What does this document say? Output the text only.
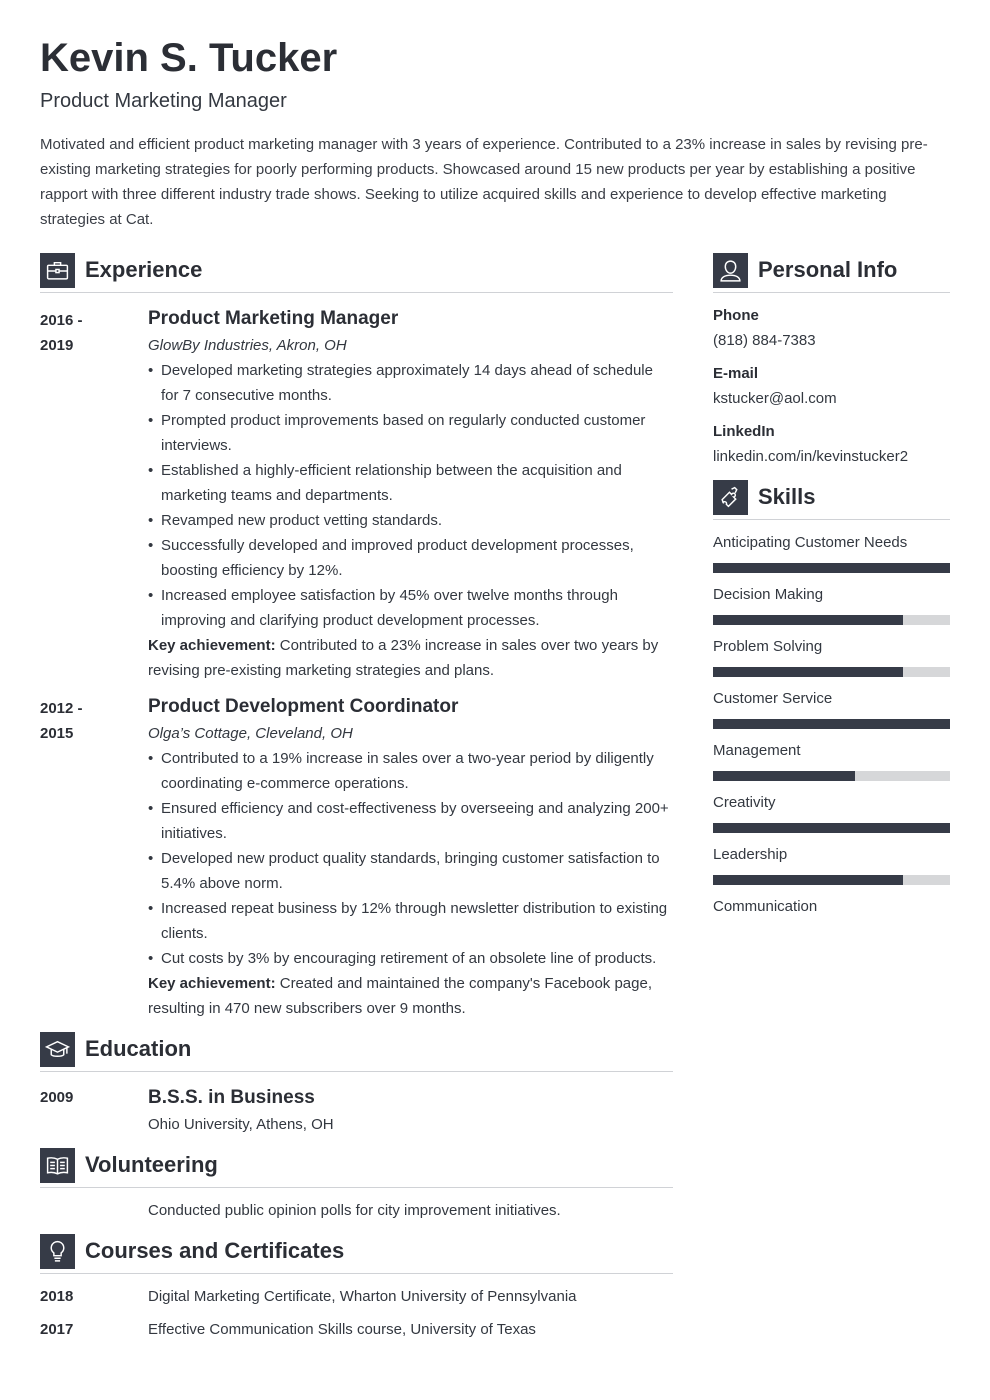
Kevin S. Tucker
Product Marketing Manager

Motivated and efficient product marketing manager with 3 years of experience. Contributed to a 23% increase in sales by revising pre-existing marketing strategies for poorly performing products. Showcased around 15 new products per year by establishing a positive rapport with three different industry trade shows. Seeking to utilize acquired skills and experience to develop effective marketing strategies at Cat.

Experience
2016 -
2019
Product Marketing Manager
GlowBy Industries, Akron, OH
• Developed marketing strategies approximately 14 days ahead of schedule for 7 consecutive months.
• Prompted product improvements based on regularly conducted customer interviews.
• Established a highly-efficient relationship between the acquisition and marketing teams and departments.
• Revamped new product vetting standards.
• Successfully developed and improved product development processes, boosting efficiency by 12%.
• Increased employee satisfaction by 45% over twelve months through improving and clarifying product development processes.
Key achievement: Contributed to a 23% increase in sales over two years by revising pre-existing marketing strategies and plans.
2012 -
2015
Product Development Coordinator
Olga’s Cottage, Cleveland, OH
• Contributed to a 19% increase in sales over a two-year period by diligently coordinating e-commerce operations.
• Ensured efficiency and cost-effectiveness by overseeing and analyzing 200+ initiatives.
• Developed new product quality standards, bringing customer satisfaction to 5.4% above norm.
• Increased repeat business by 12% through newsletter distribution to existing clients.
• Cut costs by 3% by encouraging retirement of an obsolete line of products.
Key achievement: Created and maintained the company's Facebook page, resulting in 470 new subscribers over 9 months.
Education
2009	B.S.S. in Business
Ohio University, Athens, OH
Volunteering
Conducted public opinion polls for city improvement initiatives.
Courses and Certificates
2018	Digital Marketing Certificate, Wharton University of Pennsylvania
2017	Effective Communication Skills course, University of Texas
Personal Info
Phone
(818) 884-7383
E-mail
kstucker@aol.com
LinkedIn
linkedin.com/in/kevinstucker2
Skills
Anticipating Customer Needs
Decision Making
Problem Solving
Customer Service
Management
Creativity
Leadership
Communication
